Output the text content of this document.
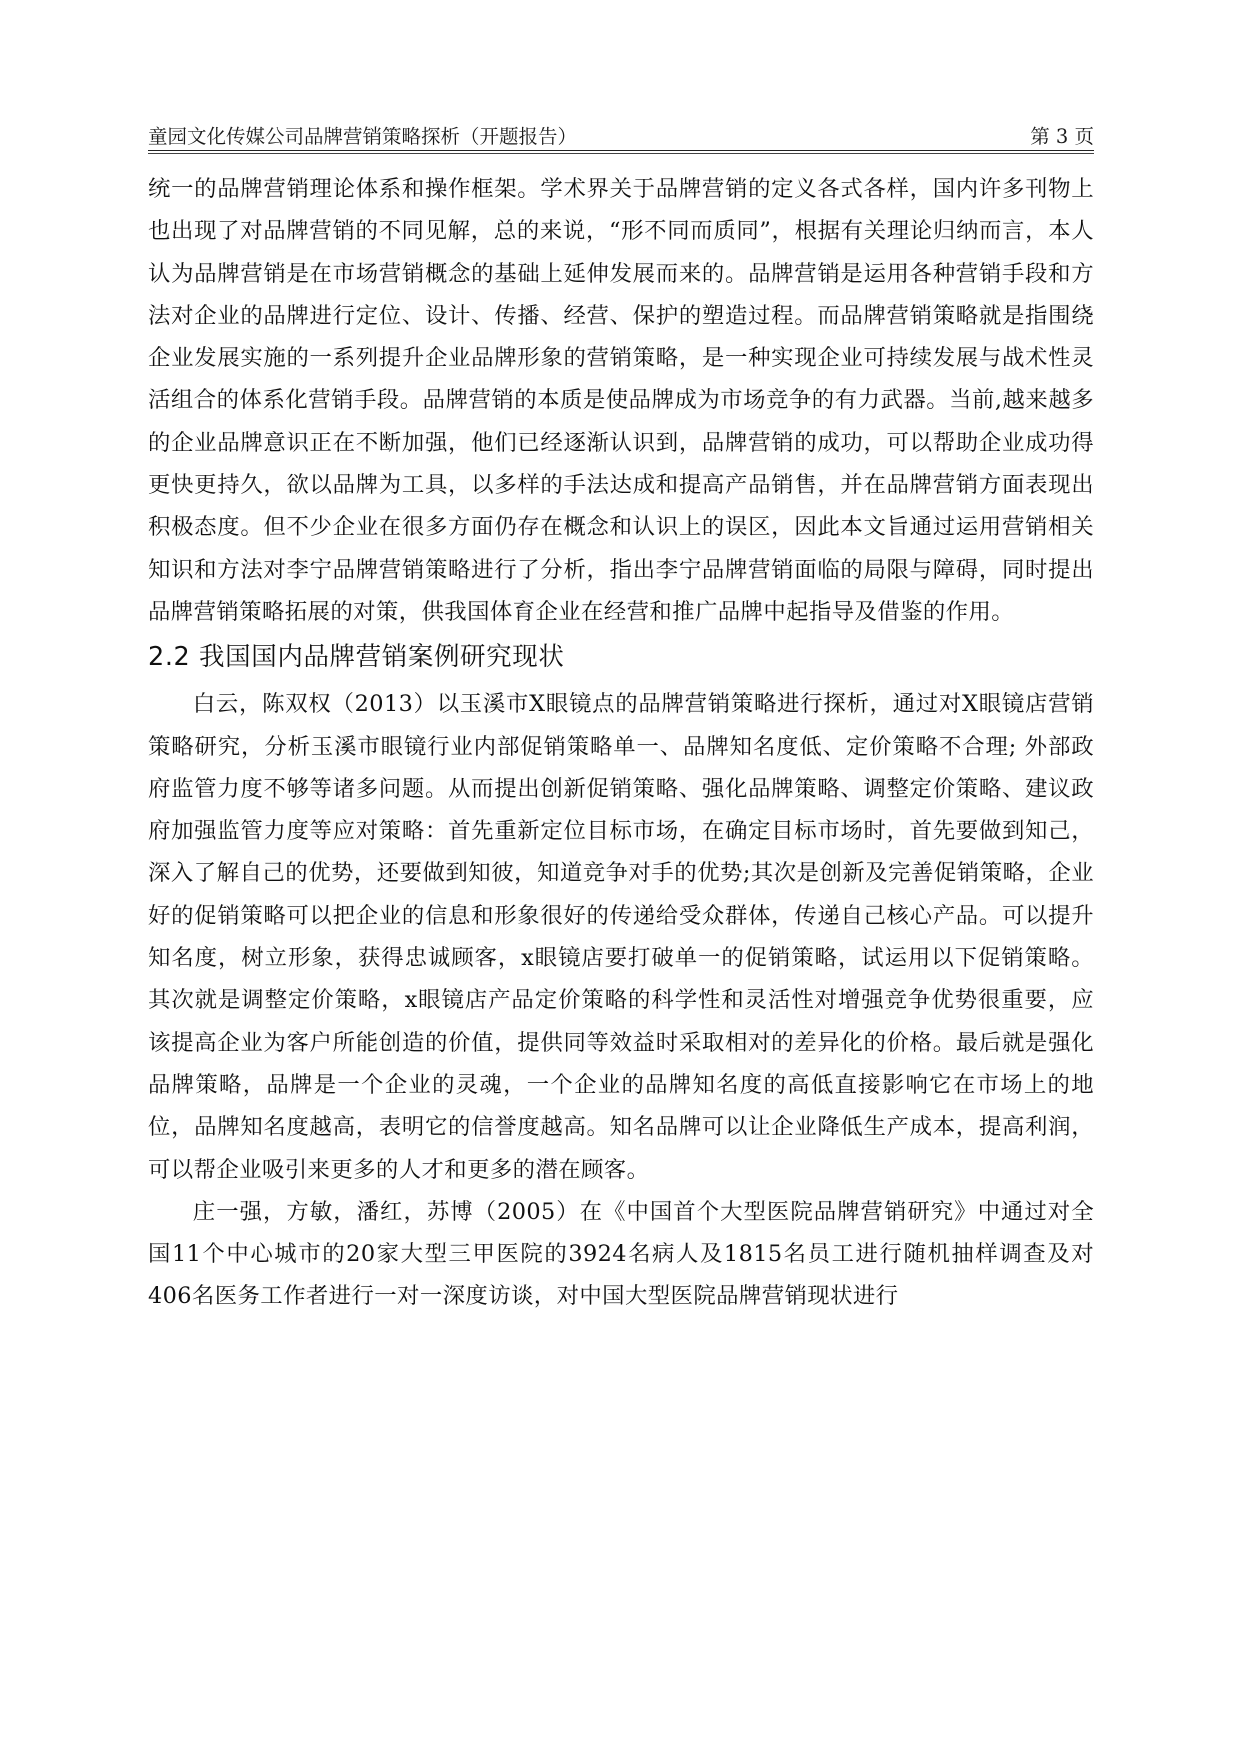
童园文化传媒公司品牌营销策略探析（开题报告）	第 3 页

统一的品牌营销理论体系和操作框架。学术界关于品牌营销的定义各式各样，国内许多刊物上也出现了对品牌营销的不同见解，总的来说，“形不同而质同”，根据有关理论归纳而言，本人认为品牌营销是在市场营销概念的基础上延伸发展而来的。品牌营销是运用各种营销手段和方法对企业的品牌进行定位、设计、传播、经营、保护的塑造过程。而品牌营销策略就是指围绕企业发展实施的一系列提升企业品牌形象的营销策略，是一种实现企业可持续发展与战术性灵活组合的体系化营销手段。品牌营销的本质是使品牌成为市场竞争的有力武器。当前,越来越多的企业品牌意识正在不断加强，他们已经逐渐认识到，品牌营销的成功，可以帮助企业成功得更快更持久，欲以品牌为工具，以多样的手法达成和提高产品销售，并在品牌营销方面表现出积极态度。但不少企业在很多方面仍存在概念和认识上的误区，因此本文旨通过运用营销相关知识和方法对李宁品牌营销策略进行了分析，指出李宁品牌营销面临的局限与障碍，同时提出品牌营销策略拓展的对策，供我国体育企业在经营和推广品牌中起指导及借鉴的作用。

2.2 我国国内品牌营销案例研究现状

白云，陈双权（2013）以玉溪市X眼镜点的品牌营销策略进行探析，通过对X眼镜店营销策略研究，分析玉溪市眼镜行业内部促销策略单一、品牌知名度低、定价策略不合理; 外部政府监管力度不够等诸多问题。从而提出创新促销策略、强化品牌策略、调整定价策略、建议政府加强监管力度等应对策略：首先重新定位目标市场，在确定目标市场时，首先要做到知己，深入了解自己的优势，还要做到知彼，知道竞争对手的优势;其次是创新及完善促销策略，企业好的促销策略可以把企业的信息和形象很好的传递给受众群体，传递自己核心产品。可以提升知名度，树立形象，获得忠诚顾客，x眼镜店要打破单一的促销策略，试运用以下促销策略。其次就是调整定价策略，x眼镜店产品定价策略的科学性和灵活性对增强竞争优势很重要，应该提高企业为客户所能创造的价值，提供同等效益时采取相对的差异化的价格。最后就是强化品牌策略，品牌是一个企业的灵魂，一个企业的品牌知名度的高低直接影响它在市场上的地位，品牌知名度越高，表明它的信誉度越高。知名品牌可以让企业降低生产成本，提高利润，可以帮企业吸引来更多的人才和更多的潜在顾客。

庄一强，方敏，潘红，苏博（2005）在《中国首个大型医院品牌营销研究》中通过对全国11个中心城市的20家大型三甲医院的3924名病人及1815名员工进行随机抽样调查及对406名医务工作者进行一对一深度访谈，对中国大型医院品牌营销现状进行
